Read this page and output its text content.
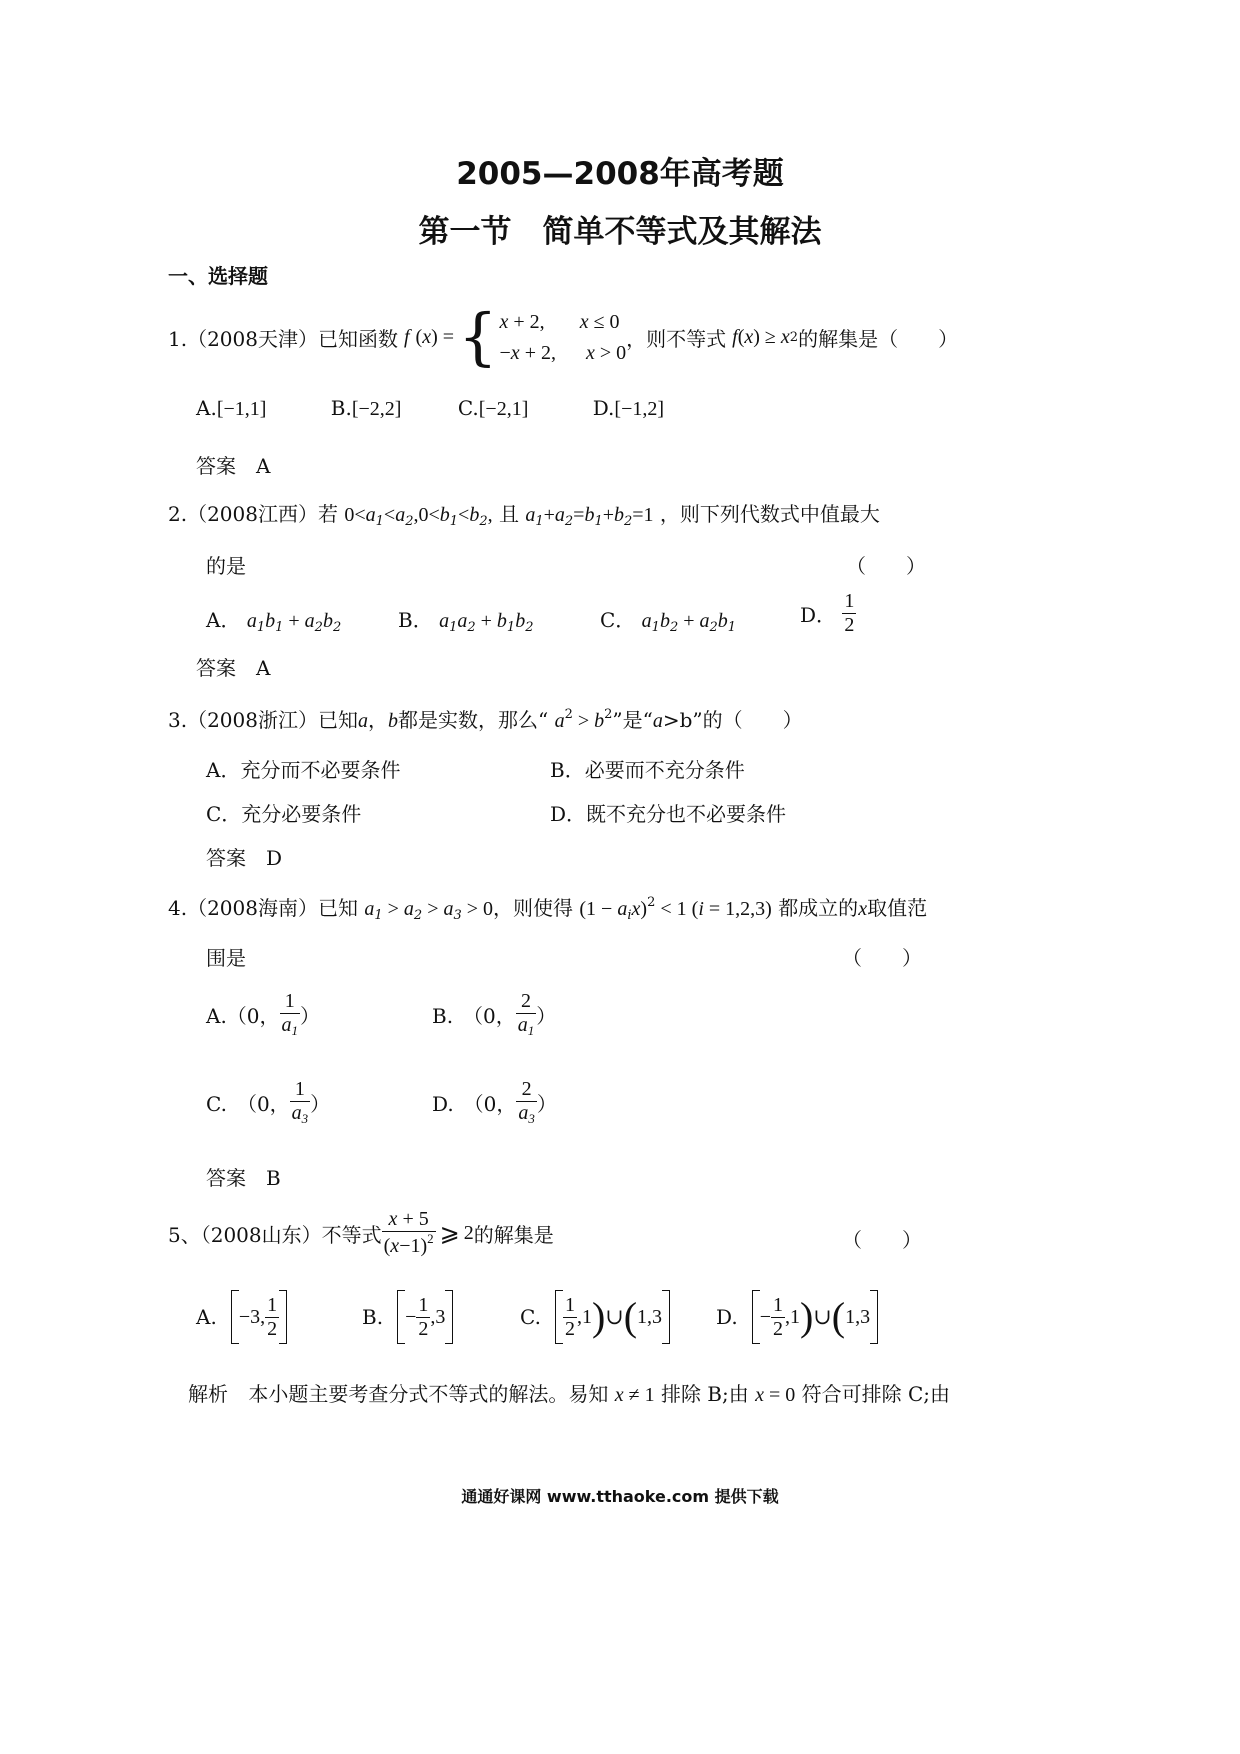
2005—2008年高考题
第一节　简单不等式及其解法
一、选择题
1.（2008天津）已知函数 f ( x ) = { x + 2,       x ≤ 0
−x + 2,      x > 0
，则不等式 f ( x ) ≥ x 2 的解集是（　　）
A.[−1,1]	B.[−2,2]	C.[−2,1]	D.[−1,2]
答案　A
2.（2008江西）若 $0<a_1<a_2,0<b_1<b_2$, 且 $a_1+a_2=b_1+b_2=1$ ，则下列代数式中值最大
的是	（　　）
A． $a_1b_1 + a_2b_2$	B． $a_1a_2 + b_1b_2$	C． $a_1b_2 + a_2b_1$
D．
$\frac{1}{2}$
答案　A
3.（2008浙江）已知a，b都是实数，那么“ $a^2 > b^2$”是“a>b”的（　　）
A．充分而不必要条件	B．必要而不充分条件
C．充分必要条件	D．既不充分也不必要条件
答案　D
4.（2008海南）已知 $a_1 > a_2 > a_3 > 0$，则使得 $(1 - a_ix)^2 < 1$ (i = 1,2,3) 都成立的x取值范
围是	（　　）
A.（0， $\frac{1}{a_1}$ ）	B.　（0， $\frac{2}{a_1}$ ）
C.　（0， $\frac{1}{a_3}$ ）	D.　（0， $\frac{2}{a_3}$ ）
答案　B
5、（2008山东）不等式 $\frac{x + 5}{(x-1)^2}$ ⩾ 2 的解集是	（　　）
A. −3, $\frac{1}{2}$	B. − $\frac{1}{2} ,3$	C. $\frac{1}{2} ,1$ ) ∪ ( 1,3	D. − $\frac{1}{2} ,1$ ) ∪ ( 1,3
解析 本小题主要考查分式不等式的解法。易知 x ≠ 1 排除 B;由 x = 0 符合可排除 C;由
通通好课网 www.tthaoke.com 提供下载
